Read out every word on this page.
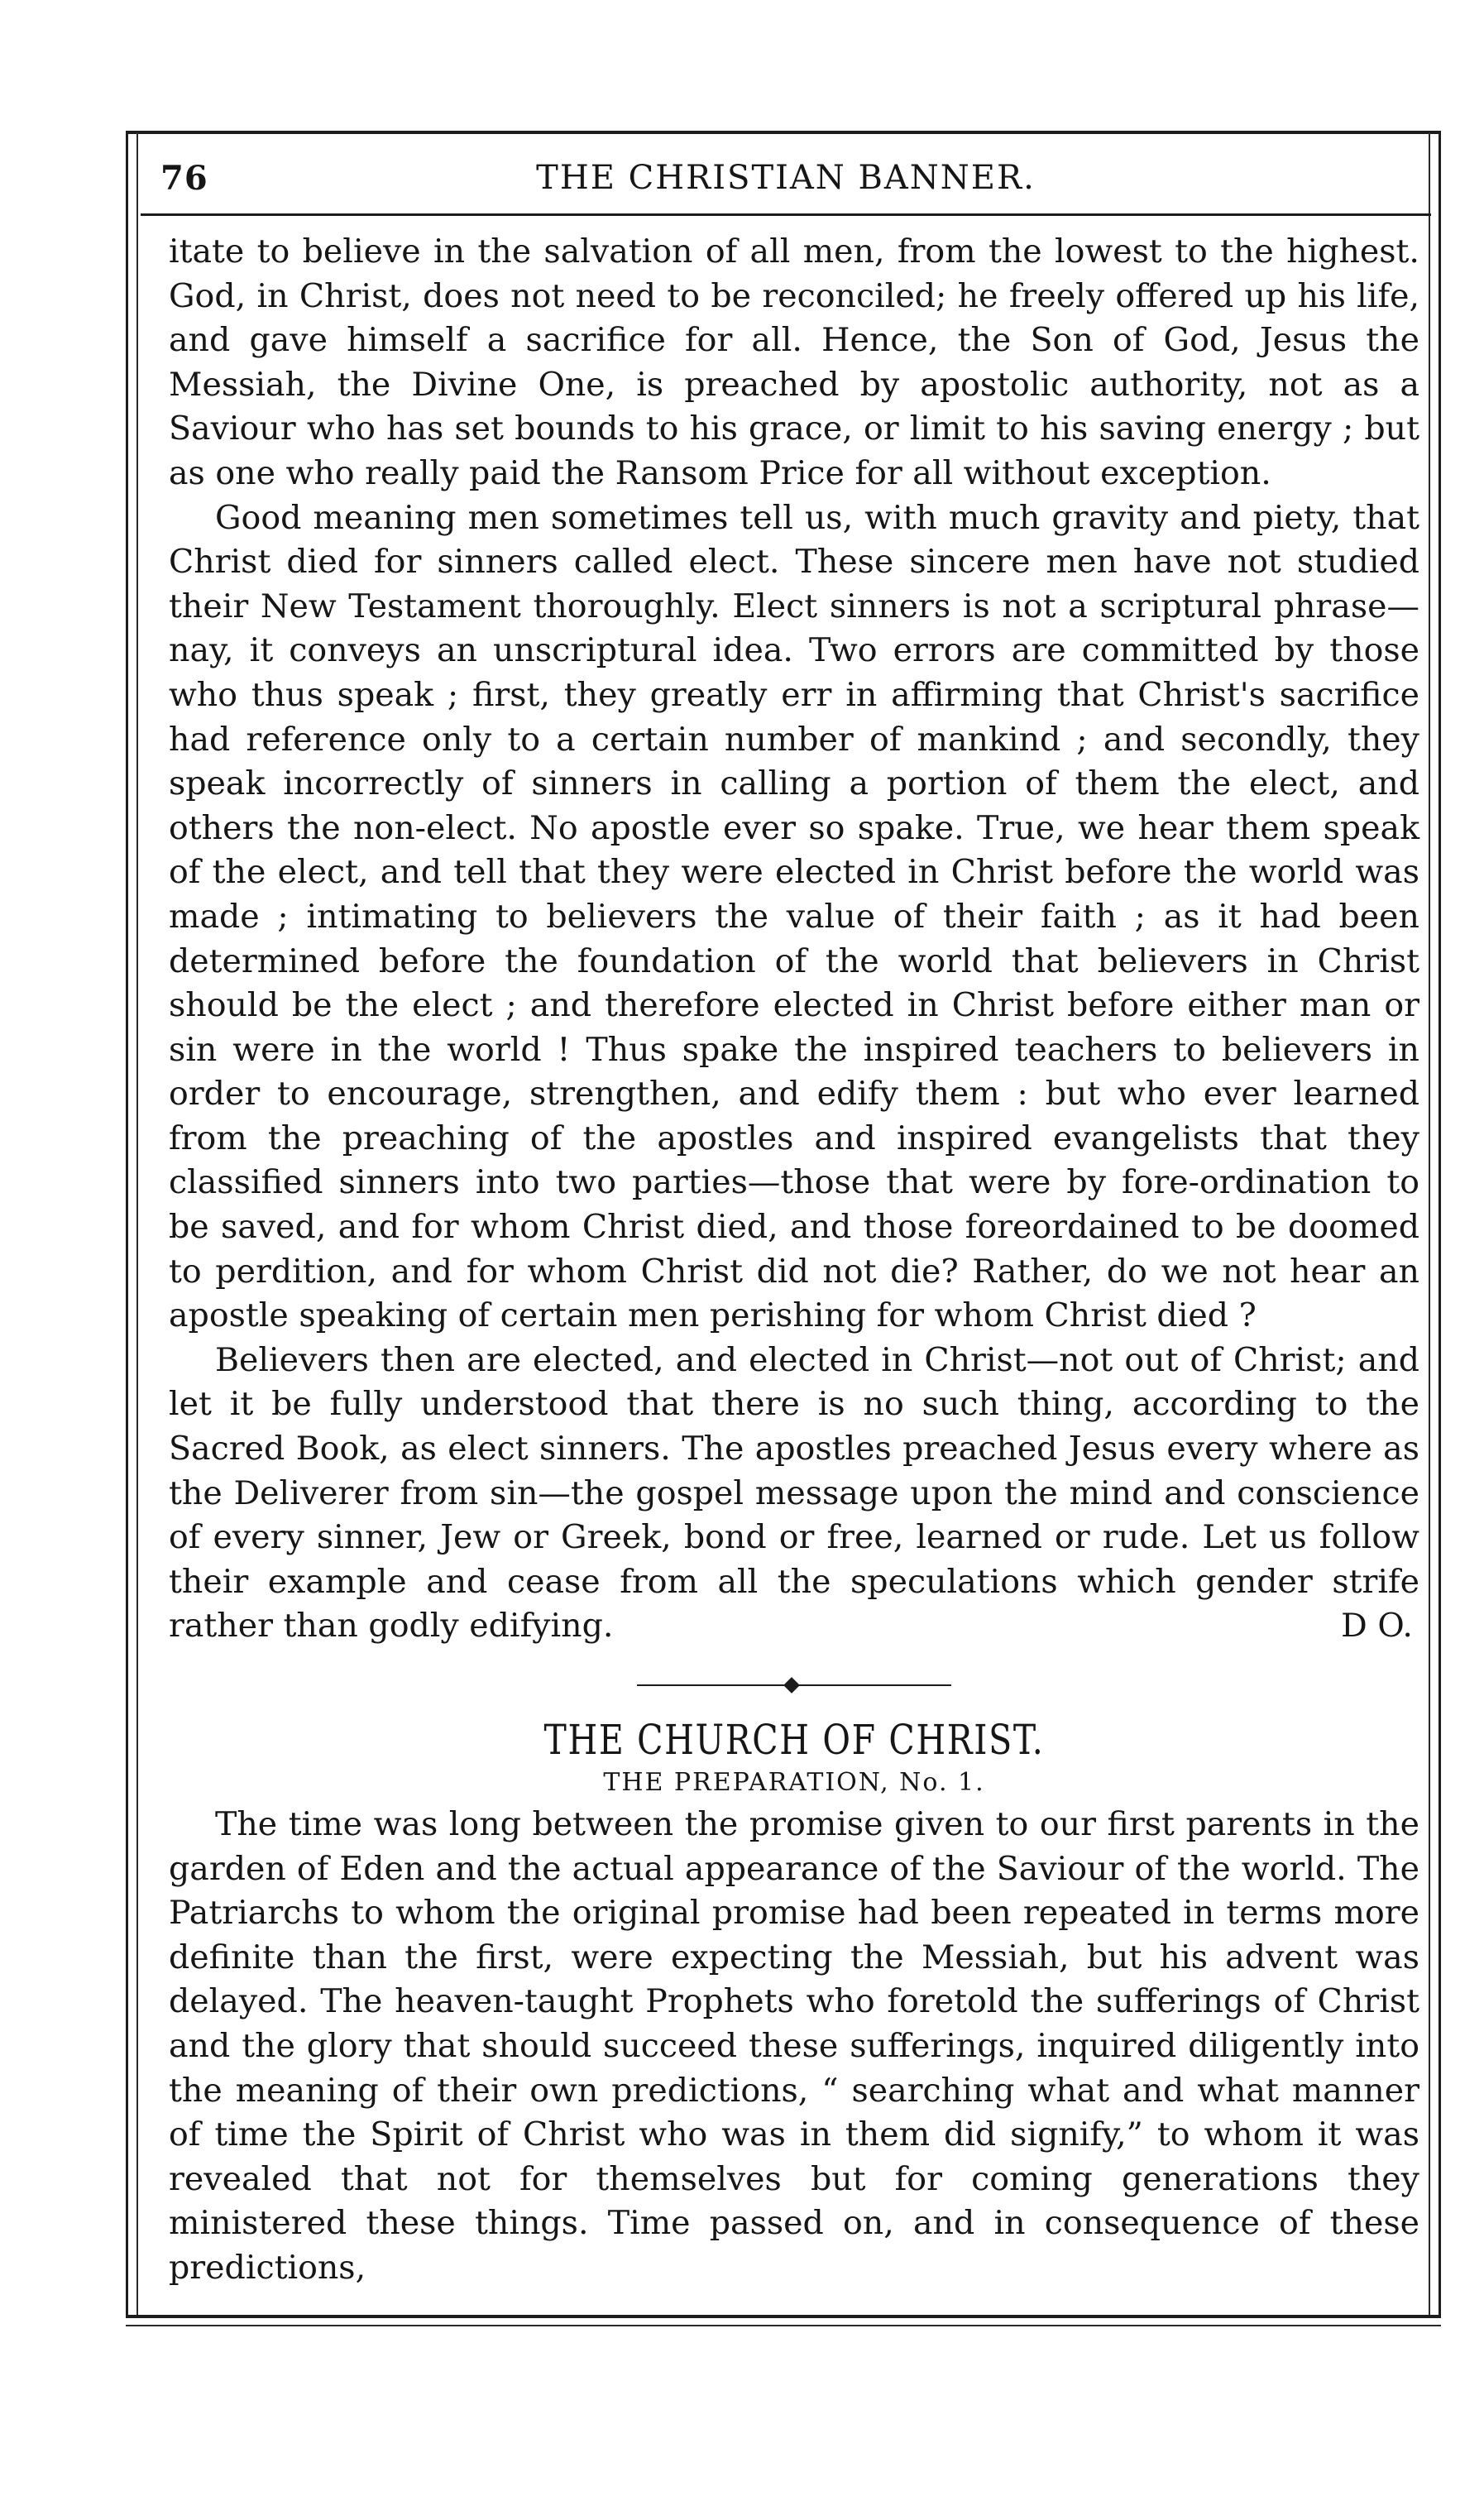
76	THE CHRISTIAN BANNER.

itate to believe in the salvation of all men, from the lowest to the highest. God, in Christ, does not need to be reconciled; he freely offered up his life, and gave himself a sacrifice for all. Hence, the Son of God, Jesus the Messiah, the Divine One, is preached by apostolic authority, not as a Saviour who has set bounds to his grace, or limit to his saving energy ; but as one who really paid the Ransom Price for all without exception.

Good meaning men sometimes tell us, with much gravity and piety, that Christ died for sinners called elect. These sincere men have not studied their New Testament thoroughly. Elect sinners is not a scriptural phrase—nay, it conveys an unscriptural idea. Two errors are committed by those who thus speak ; first, they greatly err in affirming that Christ's sacrifice had reference only to a certain number of mankind ; and secondly, they speak incorrectly of sinners in calling a portion of them the elect, and others the non-elect. No apostle ever so spake. True, we hear them speak of the elect, and tell that they were elected in Christ before the world was made ; intimating to believers the value of their faith ; as it had been determined before the foundation of the world that believers in Christ should be the elect ; and therefore elected in Christ before either man or sin were in the world ! Thus spake the inspired teachers to believers in order to encourage, strengthen, and edify them : but who ever learned from the preaching of the apostles and inspired evangelists that they classified sinners into two parties—those that were by fore-ordination to be saved, and for whom Christ died, and those foreordained to be doomed to perdition, and for whom Christ did not die? Rather, do we not hear an apostle speaking of certain men perishing for whom Christ died ?

Believers then are elected, and elected in Christ—not out of Christ; and let it be fully understood that there is no such thing, according to the Sacred Book, as elect sinners. The apostles preached Jesus every where as the Deliverer from sin—the gospel message upon the mind and conscience of every sinner, Jew or Greek, bond or free, learned or rude. Let us follow their example and cease from all the speculations which gender strife rather than godly edifying.	D O.

THE CHURCH OF CHRIST.
THE PREPARATION, No. 1.

The time was long between the promise given to our first parents in the garden of Eden and the actual appearance of the Saviour of the world. The Patriarchs to whom the original promise had been repeated in terms more definite than the first, were expecting the Messiah, but his advent was delayed. The heaven-taught Prophets who foretold the sufferings of Christ and the glory that should succeed these sufferings, inquired diligently into the meaning of their own predictions, “ searching what and what manner of time the Spirit of Christ who was in them did signify,” to whom it was revealed that not for themselves but for coming generations they ministered these things. Time passed on, and in consequence of these predictions,
